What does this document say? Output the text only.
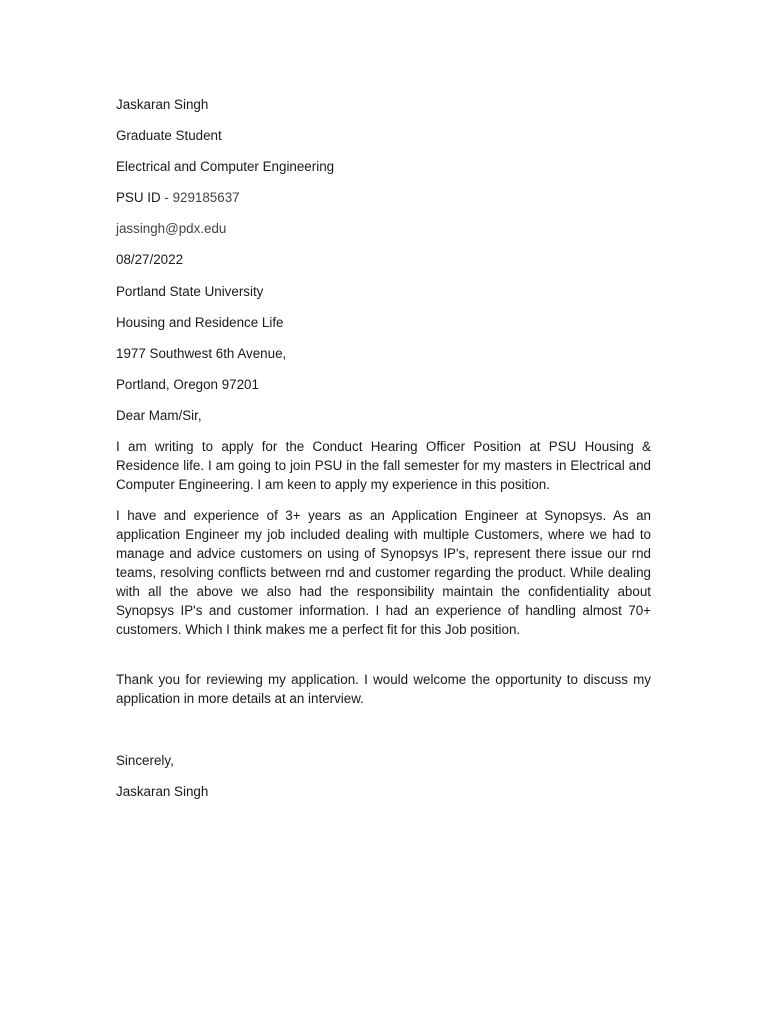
Jaskaran Singh
Graduate Student
Electrical and Computer Engineering
PSU ID - 929185637
jassingh@pdx.edu
08/27/2022
Portland State University
Housing and Residence Life
1977 Southwest 6th Avenue,
Portland, Oregon 97201
Dear Mam/Sir,
I am writing to apply for the Conduct Hearing Officer Position at PSU Housing & Residence life. I am going to join PSU in the fall semester for my masters in Electrical and Computer Engineering. I am keen to apply my experience in this position.
I have and experience of 3+ years as an Application Engineer at Synopsys. As an application Engineer my job included dealing with multiple Customers, where we had to manage and advice customers on using of Synopsys IP's, represent there issue our rnd teams, resolving conflicts between rnd and customer regarding the product. While dealing with all the above we also had the responsibility maintain the confidentiality about Synopsys IP's and customer information. I had an experience of handling almost 70+ customers. Which I think makes me a perfect fit for this Job position.
Thank you for reviewing my application. I would welcome the opportunity to discuss my application in more details at an interview.
Sincerely,
Jaskaran Singh
